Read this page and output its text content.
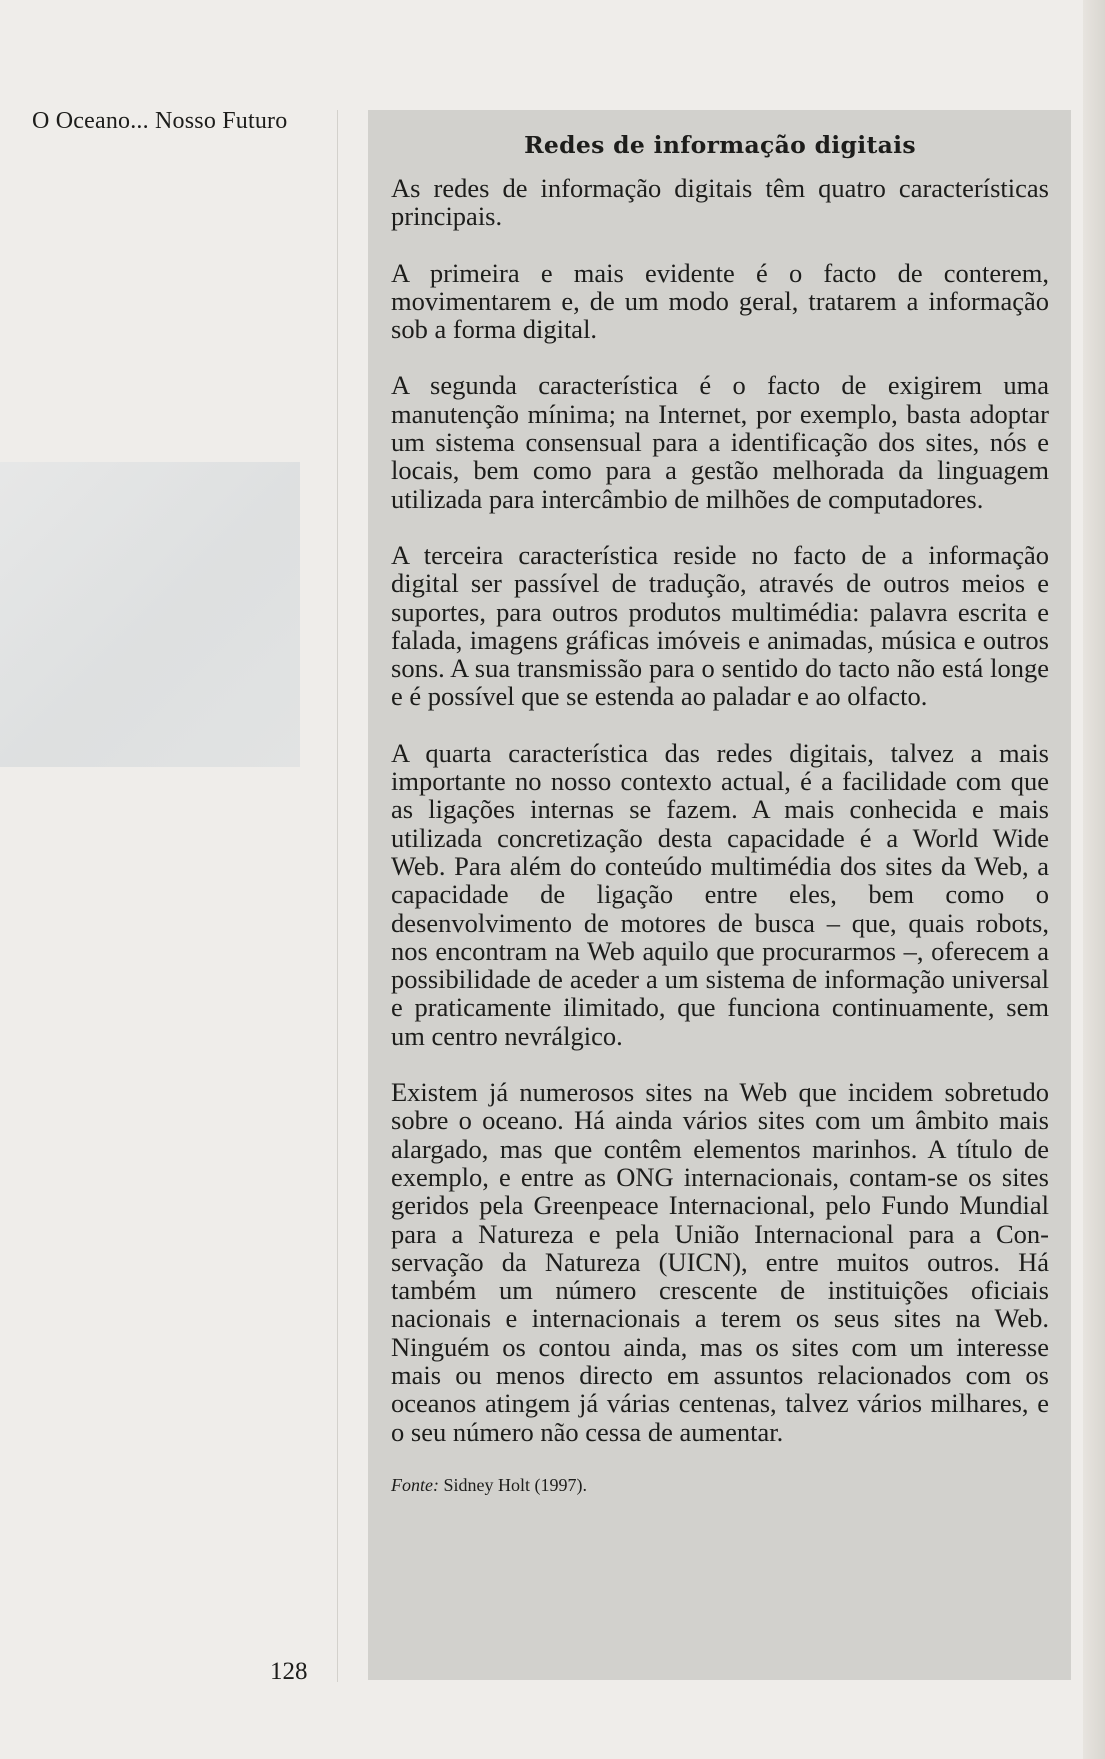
O Oceano... Nosso Futuro
Redes de informação digitais

As redes de informação digitais têm quatro características principais.

A primeira e mais evidente é o facto de conterem, movimentarem e, de um modo geral, tratarem a informação sob a forma digital.

A segunda característica é o facto de exigirem uma manutenção mínima; na Internet, por exemplo, basta adoptar um sistema consensual para a identificação dos sites, nós e locais, bem como para a gestão melhorada da linguagem utilizada para intercâmbio de milhões de computadores.

A terceira característica reside no facto de a informação digital ser passível de tradução, através de outros meios e suportes, para outros produtos multimédia: palavra escrita e falada, imagens gráficas imóveis e animadas, música e outros sons. A sua transmissão para o sentido do tacto não está longe e é possível que se estenda ao paladar e ao olfacto.

A quarta característica das redes digitais, talvez a mais importante no nosso contexto actual, é a facilidade com que as ligações internas se fazem. A mais conhecida e mais utilizada concretização desta capacidade é a World Wide Web. Para além do conteúdo multimédia dos sites da Web, a capacidade de ligação entre eles, bem como o desenvolvimento de motores de busca – que, quais robots, nos encontram na Web aquilo que procurarmos –, oferecem a possibilidade de aceder a um sistema de informação universal e praticamente ilimitado, que funciona continuamente, sem um centro nevrálgico.

Existem já numerosos sites na Web que incidem sobretudo sobre o oceano. Há ainda vários sites com um âmbito mais alargado, mas que contêm elementos marinhos. A título de exemplo, e entre as ONG internacionais, contam-se os sites geridos pela Greenpeace Internacional, pelo Fundo Mundial para a Natureza e pela União Internacional para a Conservação da Natureza (UICN), entre muitos outros. Há também um número crescente de instituições oficiais nacionais e internacionais a terem os seus sites na Web. Ninguém os contou ainda, mas os sites com um interesse mais ou menos directo em assuntos relacionados com os oceanos atingem já várias centenas, talvez vários milhares, e o seu número não cessa de aumentar.

Fonte: Sidney Holt (1997).

128
